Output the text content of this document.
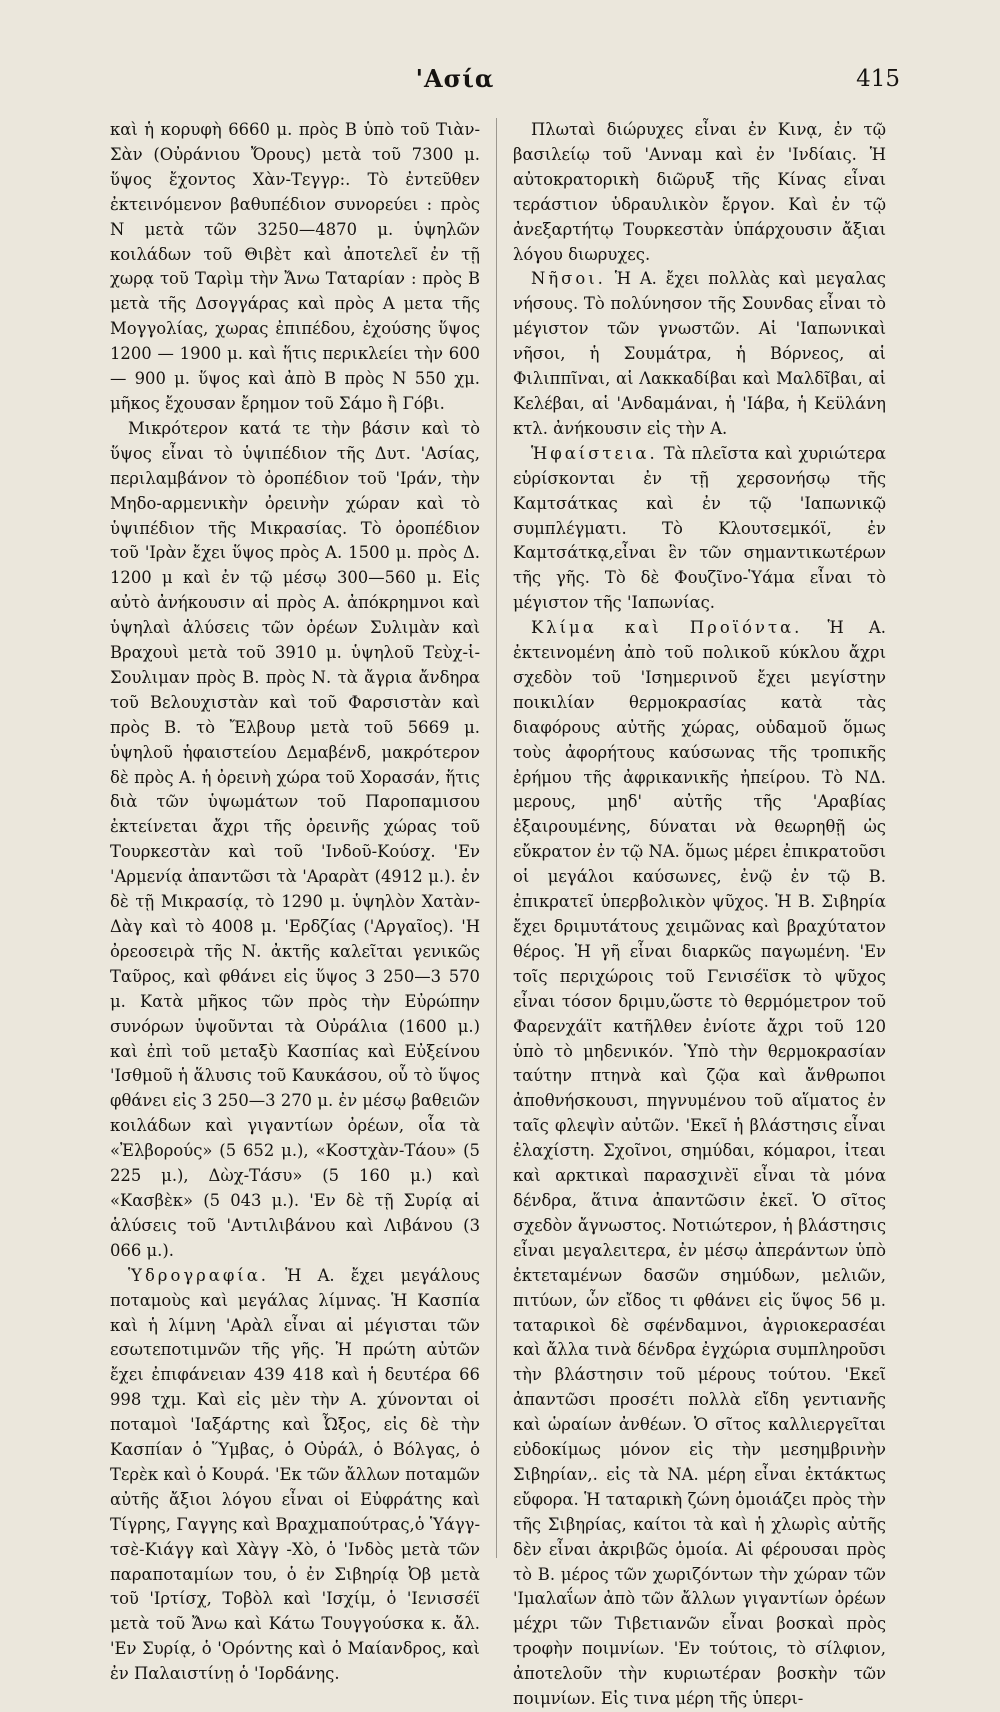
'Ασία	415

καὶ ἡ κορυφὴ 6660 μ. πρὸς Β ὑπὸ τοῦ Τιὰν-Σὰν (Οὐράνιου Ὄρους) μετὰ τοῦ 7300 μ. ὕψος ἔχοντος Χὰν-Τεγγρ:. Τὸ ἐντεῦθεν ἐκτεινόμενον βαθυπέδιον συνορεύει : πρὸς Ν μετὰ τῶν 3250—4870 μ. ὑψηλῶν κοιλάδων τοῦ Θιβὲτ καὶ ἀποτελεῖ ἐν τῇ χωρᾳ τοῦ Ταρὶμ τὴν Ἄνω Ταταρίαν : πρὸς Β μετὰ τῆς Δσογγάρας καὶ πρὸς Α μετα τῆς Μογγολίας, χωρας ἐπιπέδου, ἐχούσης ὕψος 1200 — 1900 μ. καὶ ἥτις περικλείει τὴν 600 — 900 μ. ὕψος καὶ ἀπὸ Β πρὸς Ν 550 χμ. μῆκος ἔχουσαν ἔρημον τοῦ Σάμο ἢ Γόβι.

Μικρότερον κατά τε τὴν βάσιν καὶ τὸ ὕψος εἶναι τὸ ὑψιπέδιον τῆς Δυτ. 'Ασίας, περιλαμβάνον τὸ ὀροπέδιον τοῦ 'Ιράν, τὴν Μηδο-αρμενικὴν ὀρεινὴν χώραν καὶ τὸ ὑψιπέδιον τῆς Μικρασίας. Τὸ ὀροπέδιον τοῦ 'Ιρὰν ἔχει ὕψος πρὸς Α. 1500 μ. πρὸς Δ. 1200 μ καὶ ἐν τῷ μέσῳ 300—560 μ. Εἰς αὐτὸ ἀνήκουσιν αἱ πρὸς Α. ἀπόκρημνοι καὶ ὑψηλαὶ ἁλύσεις τῶν ὀρέων Συλιμὰν καὶ Βραχουὶ μετὰ τοῦ 3910 μ. ὑψηλοῦ Τεὺχ-ἱ-Σουλιμαν πρὸς Β. πρὸς Ν. τὰ ἄγρια ἄνδηρα τοῦ Βελουχιστὰν καὶ τοῦ Φαρσιστὰν καὶ πρὸς Β. τὸ Ἔλβουρ μετὰ τοῦ 5669 μ. ὑψηλοῦ ἡφαιστείου Δεμαβένδ, μακρότερον δὲ πρὸς Α. ἡ ὀρεινὴ χώρα τοῦ Χορασάν, ἥτις διὰ τῶν ὑψωμάτων τοῦ Παροπαμισου ἐκτείνεται ἄχρι τῆς ὀρεινῆς χώρας τοῦ Τουρκεστὰν καὶ τοῦ 'Ινδοῦ-Κούσχ. 'Εν 'Αρμενίᾳ ἀπαντῶσι τὰ 'Αραρὰτ (4912 μ.). ἐν δὲ τῇ Μικρασίᾳ, τὸ 1290 μ. ὑψηλὸν Χατὰν-Δὰγ καὶ τὸ 4008 μ. 'Ερδζίας ('Αργαῖος). 'Η ὀρεοσειρὰ τῆς Ν. ἀκτῆς καλεῖται γενικῶς Ταῦρος, καὶ φθάνει εἰς ὕψος 3 250—3 570 μ. Κατὰ μῆκος τῶν πρὸς τὴν Εὐρώπην συνόρων ὑψοῦνται τὰ Οὐράλια (1600 μ.) καὶ ἐπὶ τοῦ μεταξὺ Κασπίας καὶ Εὐξείνου 'Ισθμοῦ ἡ ἅλυσις τοῦ Καυκάσου, οὗ τὸ ὕψος φθάνει εἰς 3 250—3 270 μ. ἐν μέσῳ βαθειῶν κοιλάδων καὶ γιγαντίων ὀρέων, οἷα τὰ «Ἐλβορούς» (5 652 μ.), «Κοστχὰν-Τάου» (5 225 μ.), Δὼχ-Τάσυ» (5 160 μ.) καὶ «Κασβὲκ» (5 043 μ.). 'Εν δὲ τῇ Συρίᾳ αἱ ἁλύσεις τοῦ 'Αντιλιβάνου καὶ Λιβάνου (3 066 μ.).

Ὑδρογραφία. Ἡ Α. ἔχει μεγάλους ποταμοὺς καὶ μεγάλας λίμνας. Ἡ Κασπία καὶ ἡ λίμνη 'Αρὰλ εἶναι αἱ μέγισται τῶν εσωτεποτιμνῶν τῆς γῆς. Ἡ πρώτη αὐτῶν ἔχει ἐπιφάνειαν 439 418 καὶ ἡ δευτέρα 66 998 τχμ. Καὶ εἰς μὲν τὴν Α. χύνονται οἱ ποταμοὶ 'Ιαξάρτης καὶ Ὦξος, εἰς δὲ τὴν Κασπίαν ὁ Ὕμβας, ὁ Οὐράλ, ὁ Βόλγας, ὁ Τερὲκ καὶ ὁ Κουρά. 'Εκ τῶν ἄλλων ποταμῶν αὐτῆς ἄξιοι λόγου εἶναι οἱ Εὐφράτης καὶ Τίγρης, Γαγγης καὶ Βραχμαπούτρας,ὁ Ὑάγγ-τσὲ-Κιάγγ καὶ Χὰγγ -Χὸ, ὁ 'Ινδὸς μετὰ τῶν παραποταμίων του, ὁ ἐν Σιβηρίᾳ Ὀβ μετὰ τοῦ 'Ιρτίσχ, Τοβὸλ καὶ 'Ισχίμ, ὁ 'Ιενισσέϊ μετὰ τοῦ Ἄνω καὶ Κάτω Τουγγούσκα κ. ἄλ. 'Εν Συρίᾳ, ὁ 'Ορόντης καὶ ὁ Μαίανδρος, καὶ ἐν Παλαιστίνῃ ὁ 'Ιορδάνης.

Πλωταὶ διώρυχες εἶναι ἐν Κινᾳ, ἐν τῷ βασιλείῳ τοῦ 'Ανναμ καὶ ἐν 'Ινδίαις. Ἡ αὐτοκρατορικὴ διῶρυξ τῆς Κίνας εἶναι τεράστιον ὑδραυλικὸν ἔργον. Καὶ ἐν τῷ ἀνεξαρτήτῳ Τουρκεστὰν ὑπάρχουσιν ἄξιαι λόγου διωρυχες.

Νῆσοι. Ἡ Α. ἔχει πολλὰς καὶ μεγαλας νήσους. Τὸ πολύνησον τῆς Σουνδας εἶναι τὸ μέγιστον τῶν γνωστῶν. Αἱ 'Ιαπωνικαὶ νῆσοι, ἡ Σουμάτρα, ἡ Βόρνεος, αἱ Φιλιππῖναι, αἱ Λακκαδίβαι καὶ Μαλδῖβαι, αἱ Κελέβαι, αἱ 'Ανδαμάναι, ἡ 'Ιάβα, ἡ Κεϋλάνη κτλ. ἀνήκουσιν εἰς τὴν Α.

Ἡφαίστεια. Τὰ πλεῖστα καὶ χυριώτερα εὑρίσκονται ἐν τῇ χερσονήσῳ τῆς Καμτσάτκας καὶ ἐν τῷ 'Ιαπωνικῷ συμπλέγματι. Τὸ Κλουτσεμκόϊ, ἐν Καμτσάτκᾳ,εἶναι ἓν τῶν σημαντικωτέρων τῆς γῆς. Τὸ δὲ Φουζῖνο-Ὑάμα εἶναι τὸ μέγιστον τῆς 'Ιαπωνίας.

Κλίμα καὶ Προϊόντα. Ἡ Α. ἐκτεινομένη ἀπὸ τοῦ πολικοῦ κύκλου ἄχρι σχεδὸν τοῦ 'Ισημερινοῦ ἔχει μεγίστην ποικιλίαν θερμοκρασίας κατὰ τὰς διαφόρους αὐτῆς χώρας, οὐδαμοῦ ὅμως τοὺς ἀφορήτους καύσωνας τῆς τροπικῆς ἐρήμου τῆς ἀφρικανικῆς ἠπείρου. Τὸ ΝΔ. μερους, μηδ' αὐτῆς τῆς 'Αραβίας ἐξαιρουμένης, δύναται νὰ θεωρηθῇ ὡς εὔκρατον ἐν τῷ ΝΑ. ὅμως μέρει ἐπικρατοῦσι οἱ μεγάλοι καύσωνες, ἐνῷ ἐν τῷ Β. ἐπικρατεῖ ὑπερβολικὸν ψῦχος. Ἡ Β. Σιβηρία ἔχει δριμυτάτους χειμῶνας καὶ βραχύτατον θέρος. Ἡ γῆ εἶναι διαρκῶς παγωμένη. 'Εν τοῖς περιχώροις τοῦ Γενισέϊσκ τὸ ψῦχος εἶναι τόσον δριμυ,ὥστε τὸ θερμόμετρον τοῦ Φαρενχάϊτ κατῆλθεν ἐνίοτε ἄχρι τοῦ 120 ὑπὸ τὸ μηδενικόν. Ὑπὸ τὴν θερμοκρασίαν ταύτην πτηνὰ καὶ ζῷα καὶ ἄνθρωποι ἀποθνήσκουσι, πηγνυμένου τοῦ αἵματος ἐν ταῖς φλεψὶν αὐτῶν. 'Εκεῖ ἡ βλάστησις εἶναι ἐλαχίστη. Σχοῖνοι, σημύδαι, κόμαροι, ἰτεαι καὶ αρκτικαὶ παρασχινὲϊ εἶναι τὰ μόνα δένδρα, ἅτινα ἀπαντῶσιν ἐκεῖ. Ὁ σῖτος σχεδὸν ἄγνωστος. Νοτιώτερον, ἡ βλάστησις εἶναι μεγαλειτερα, ἐν μέσῳ ἀπεράντων ὑπὸ ἐκτεταμένων δασῶν σημύδων, μελιῶν, πιτύων, ὧν εἴδος τι φθάνει εἰς ὕψος 56 μ. ταταρικοὶ δὲ σφένδαμνοι, ἀγριοκερασέαι καὶ ἄλλα τινὰ δένδρα ἐγχώρια συμπληροῦσι τὴν βλάστησιν τοῦ μέρους τούτου. 'Εκεῖ ἀπαντῶσι προσέτι πολλὰ εἴδη γεντιανῆς καὶ ὡραίων ἀνθέων. Ὁ σῖτος καλλιεργεῖται εὐδοκίμως μόνον εἰς τὴν μεσημβρινὴν Σιβηρίαν,. εἰς τὰ ΝΑ. μέρη εἶναι ἐκτάκτως εὔφορα. Ἡ ταταρικὴ ζώνη ὁμοιάζει πρὸς τὴν τῆς Σιβηρίας, καίτοι τὰ καὶ ἡ χλωρὶς αὐτῆς δὲν εἶναι ἀκριβῶς ὁμοία. Αἱ φέρουσαι πρὸς τὸ Β. μέρος τῶν χωριζόντων τὴν χώραν τῶν 'Ιμαλαΐων ἀπὸ τῶν ἄλλων γιγαντίων ὀρέων μέχρι τῶν Τιβετιανῶν εἶναι βοσκαὶ πρὸς τροφὴν ποιμνίων. 'Εν τούτοις, τὸ σίλφιον, ἀποτελοῦν τὴν κυριωτέραν βοσκὴν τῶν ποιμνίων. Εἰς τινα μέρη τῆς ὑπερι-
